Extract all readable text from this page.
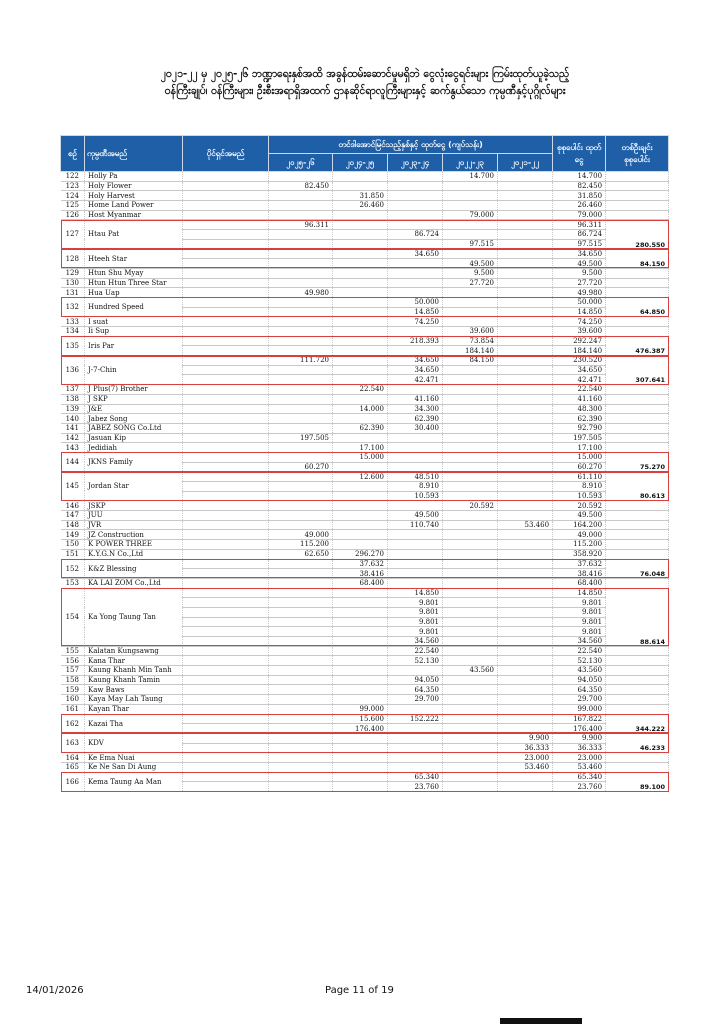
၂၀၂၁-၂၂ မှ ၂၀၂၅-၂၆ ဘဏ္ဍာရေးနှစ်အထိ အခွန်ထမ်းဆောင်မှုမရှိဘဲ ငွေလုံးငွေရင်းများ ကြမ်းထုတ်ယူခဲ့သည့်
ဝန်ကြီးချုပ်၊ ဝန်ကြီးများ၊ ဦးစီးအရာရှိအထက် ဌာနဆိုင်ရာလူကြီးများနှင့် ဆက်နွယ်သော ကုမ္ပဏီနှင့်ပုဂ္ဂိုလ်များ
စဉ်	ကုမ္ပဏီအမည်	ပိုင်ရှင်အမည်	တင်ဒါအောင်မြင်သည့်နှစ်နှင့် ထုတ်ငွေ (ကျပ်သန်း)					စုစုပေါင်း ထုတ်ငွေ	တစ်ဦးချင်း စုစုပေါင်း
			၂၀၂၅-၂၆	၂၀၂၄-၂၅	၂၀၂၃-၂၄	၂၀၂၂-၂၃	၂၀၂၁-၂၂		
122	Holly Pa					14.700		14.700	
123	Holy Flower		82.450					82.450	
124	Holy Harvest			31.850				31.850	
125	Home Land Power			26.460				26.460	
126	Host Myanmar					79.000		79.000	
127	Htau Pat		96.311					96.311	280.550
					86.724			86.724	
						97.515		97.515	
128	Hteeh Star				34.650			34.650	84.150
						49.500		49.500	
129	Htun Shu Myay					9.500		9.500	
130	Htun Htun Three Star					27.720		27.720	
131	Hua Uap		49.980					49.980	
132	Hundred Speed				50.000			50.000	64.850
					14.850			14.850	
133	I suat				74.250			74.250	
134	Ii Sup					39.600		39.600	
135	Iris Par				218.393	73.854		292.247	476.387
						184.140		184.140	
136	J-7-Chin		111.720		34.650	84.150		230.520	307.641
					34.650			34.650	
					42.471			42.471	
137	J Plus(7) Brother			22.540				22.540	
138	J SKP				41.160			41.160	
139	J&E			14.000	34.300			48.300	
140	Jabez Song				62.390			62.390	
141	JABEZ SONG Co.Ltd			62.390	30.400			92.790	
142	Jasuan Kip		197.505					197.505	
143	Jedidiah			17.100				17.100	
144	JKNS Family			15.000				15.000	75.270
			60.270					60.270	
145	Jordan Star			12.600	48.510			61.110	80.613
					8.910			8.910	
					10.593			10.593	
146	JSKP					20.592		20.592	
147	JUU				49.500			49.500	
148	JVR				110.740		53.460	164.200	
149	JZ Construction		49.000					49.000	
150	K POWER THREE		115.200					115.200	
151	K.Y.G.N Co.,Ltd		62.650	296.270				358.920	
152	K&Z Blessing			37.632				37.632	76.048
				38.416				38.416	
153	KA LAI ZOM Co.,Ltd			68.400				68.400	
154	Ka Yong Taung Tan				14.850			14.850	88.614
					9.801			9.801	
					9.801			9.801	
					9.801			9.801	
					9.801			9.801	
					34.560			34.560	
155	Kalatan Kungsawng				22.540			22.540	
156	Kana Thar				52.130			52.130	
157	Kaung Khanh Min Tanh					43.560		43.560	
158	Kaung Khanh Tamin				94.050			94.050	
159	Kaw Baws				64.350			64.350	
160	Kaya May Lah Taung				29.700			29.700	
161	Kayan Thar			99.000				99.000	
162	Kazai Tha			15.600	152.222			167.822	344.222
				176.400				176.400	
163	KDV						9.900	9.900	46.233
							36.333	36.333	
164	Ke Ema Nuai						23.000	23.000	
165	Ke Ne San Di Aung						53.460	53.460	
166	Kema Taung Aa Man				65.340			65.340	89.100
					23.760			23.760	
14/01/2026	Page 11 of 19
